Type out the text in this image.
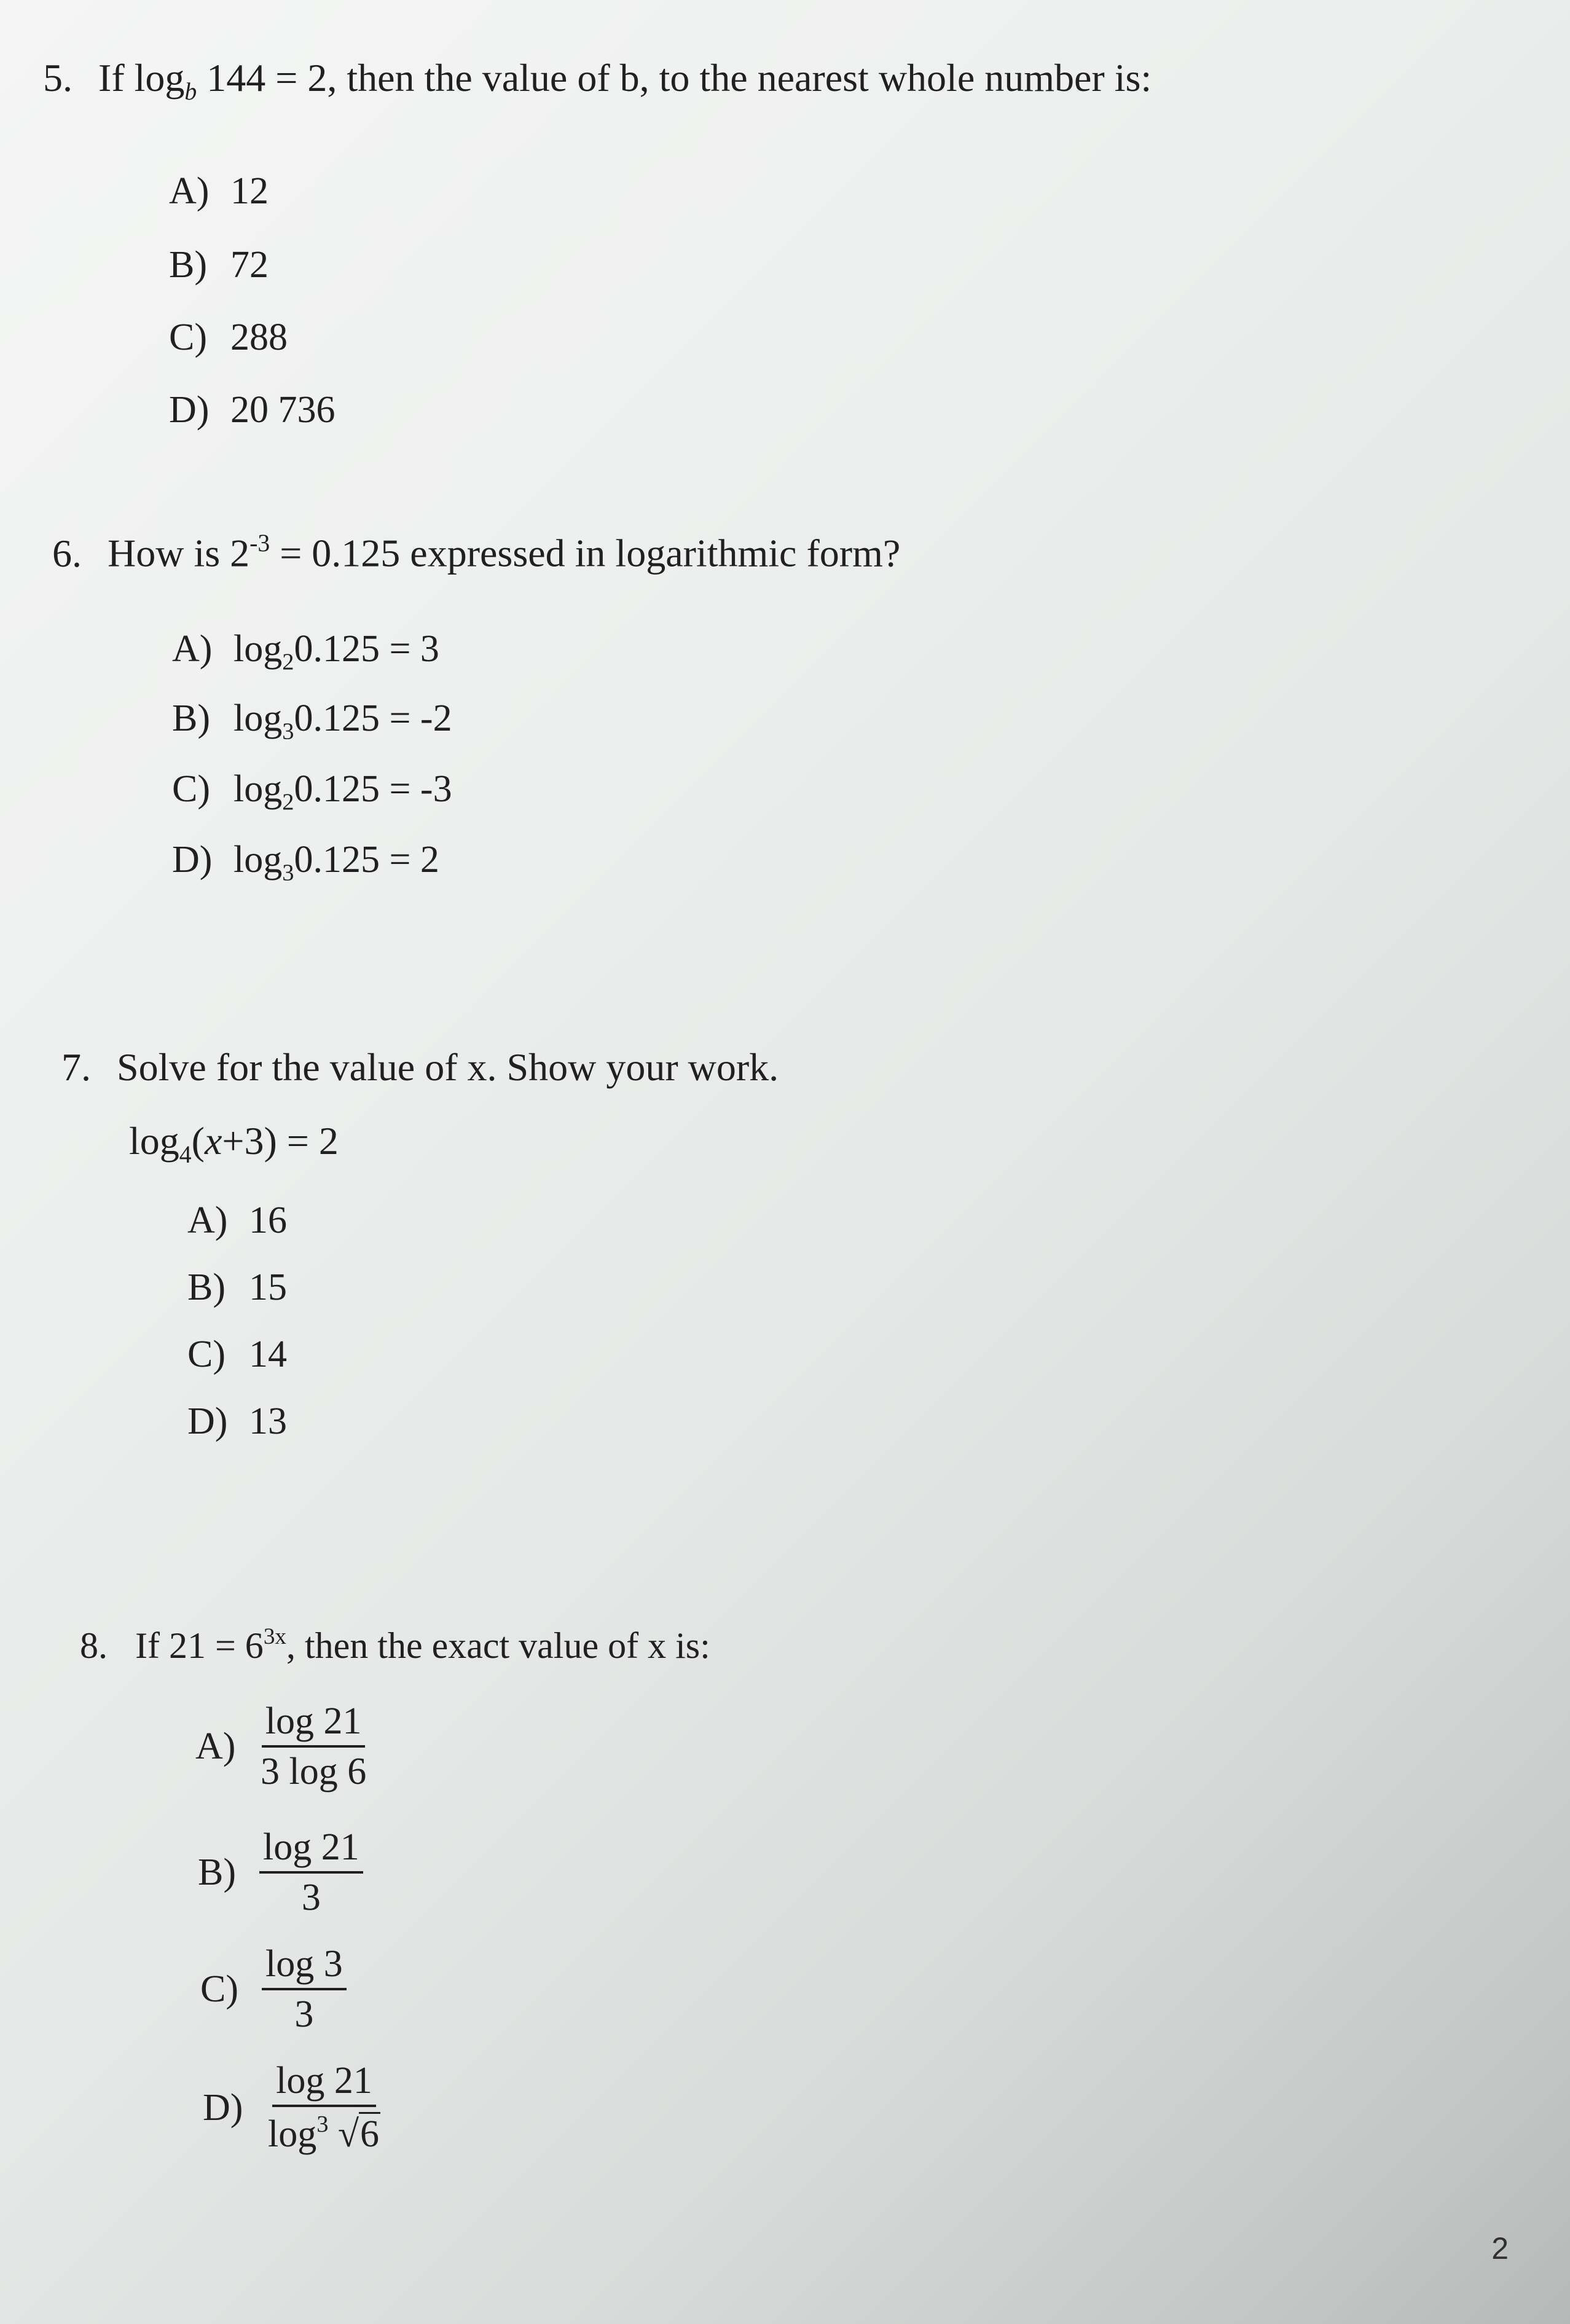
5. If $\log_b 144 = 2$, then the value of b, to the nearest whole number is:
A) 12
B) 72
C) 288
D) 20 736
6. How is $2^{-3} = 0.125$ expressed in logarithmic form?
A) $\log_20.125 = 3$
B) $\log_30.125 = -2$
C) $\log_20.125 = -3$
D) $\log_30.125 = 2$
7. Solve for the value of x. Show your work.
$\log_4(x+3) = 2$
A) 16
B) 15
C) 14
D) 13
8. If $21 = 6^{3x}$, then the exact value of x is:
$A) \frac{\log 21}{3 \log 6}$
$B) \frac{\log 21}{3}$
$C) \frac{\log 3}{3}$
$D) \frac{\log 21}{\log^3 √6}$
2
